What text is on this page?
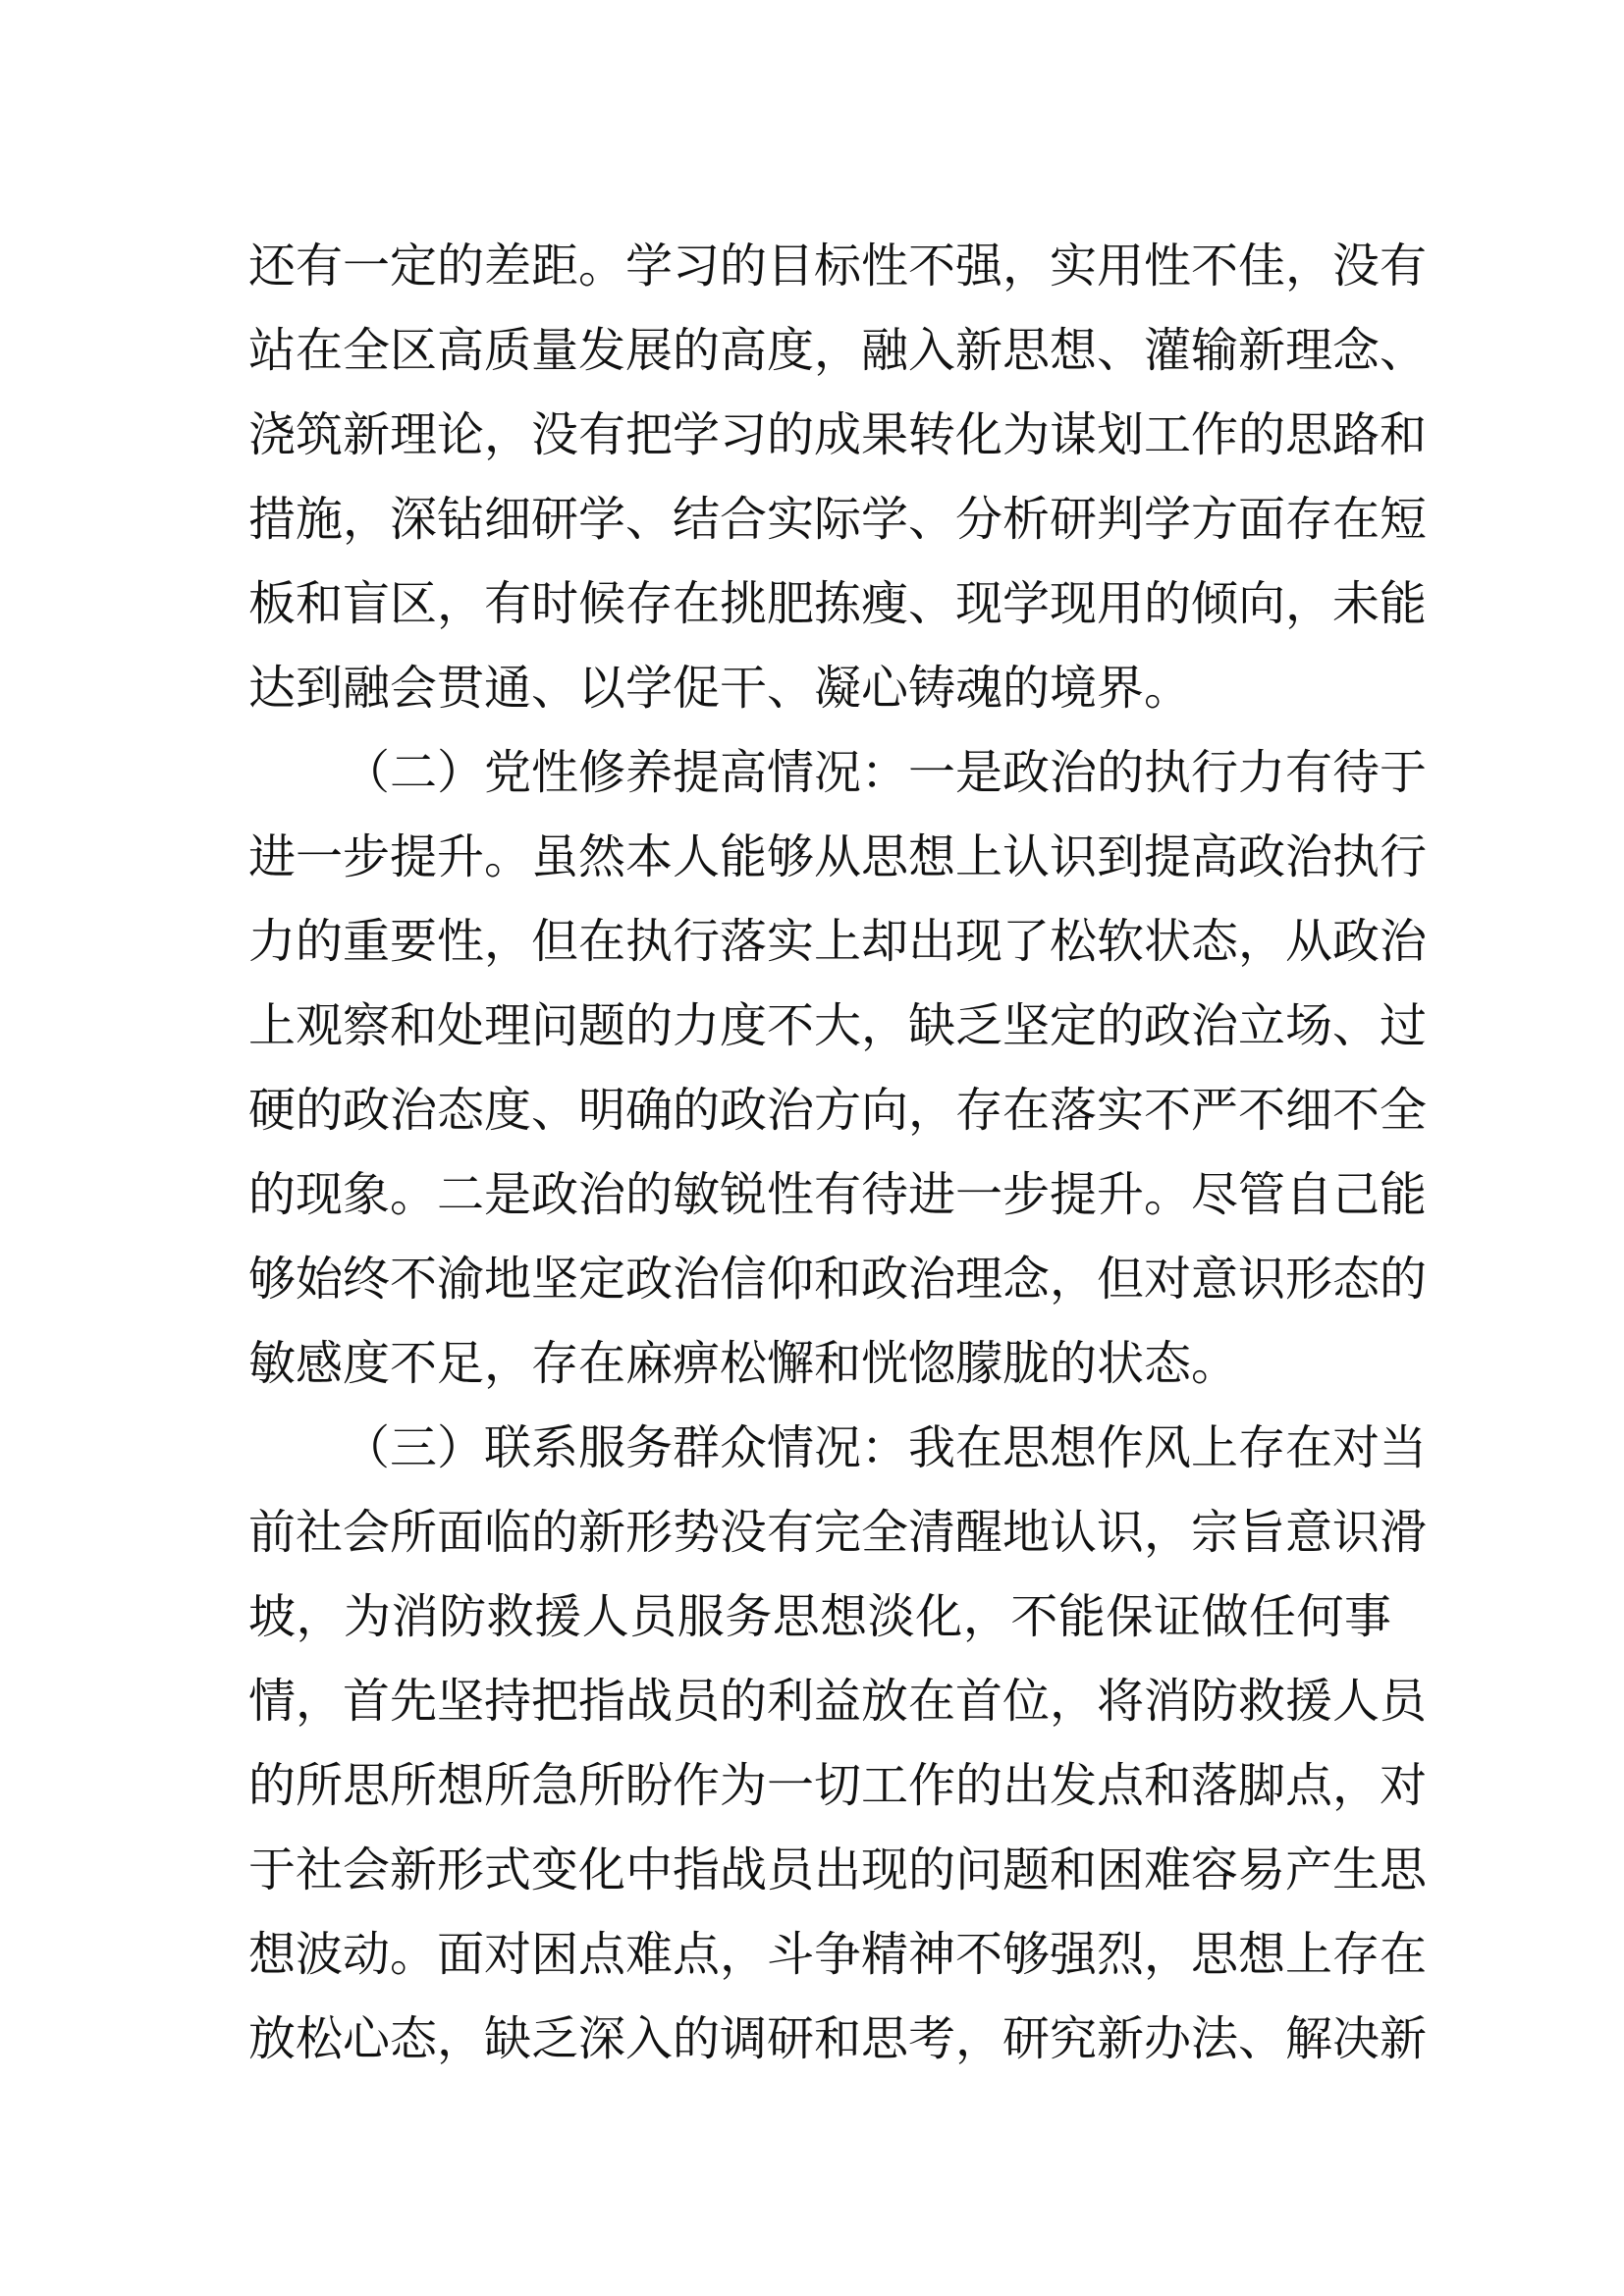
还有一定的差距。学习的目标性不强，实用性不佳，没有
站在全区高质量发展的高度，融入新思想、灌输新理念、
浇筑新理论，没有把学习的成果转化为谋划工作的思路和
措施，深钻细研学、结合实际学、分析研判学方面存在短
板和盲区，有时候存在挑肥拣瘦、现学现用的倾向，未能
达到融会贯通、以学促干、凝心铸魂的境界。
（二）党性修养提高情况：一是政治的执行力有待于
进一步提升。虽然本人能够从思想上认识到提高政治执行
力的重要性，但在执行落实上却出现了松软状态，从政治
上观察和处理问题的力度不大，缺乏坚定的政治立场、过
硬的政治态度、明确的政治方向，存在落实不严不细不全
的现象。二是政治的敏锐性有待进一步提升。尽管自己能
够始终不渝地坚定政治信仰和政治理念，但对意识形态的
敏感度不足，存在麻痹松懈和恍惚朦胧的状态。
（三）联系服务群众情况：我在思想作风上存在对当
前社会所面临的新形势没有完全清醒地认识，宗旨意识滑
坡，为消防救援人员服务思想淡化，不能保证做任何事
情，首先坚持把指战员的利益放在首位，将消防救援人员
的所思所想所急所盼作为一切工作的出发点和落脚点，对
于社会新形式变化中指战员出现的问题和困难容易产生思
想波动。面对困点难点，斗争精神不够强烈，思想上存在
放松心态，缺乏深入的调研和思考，研究新办法、解决新
